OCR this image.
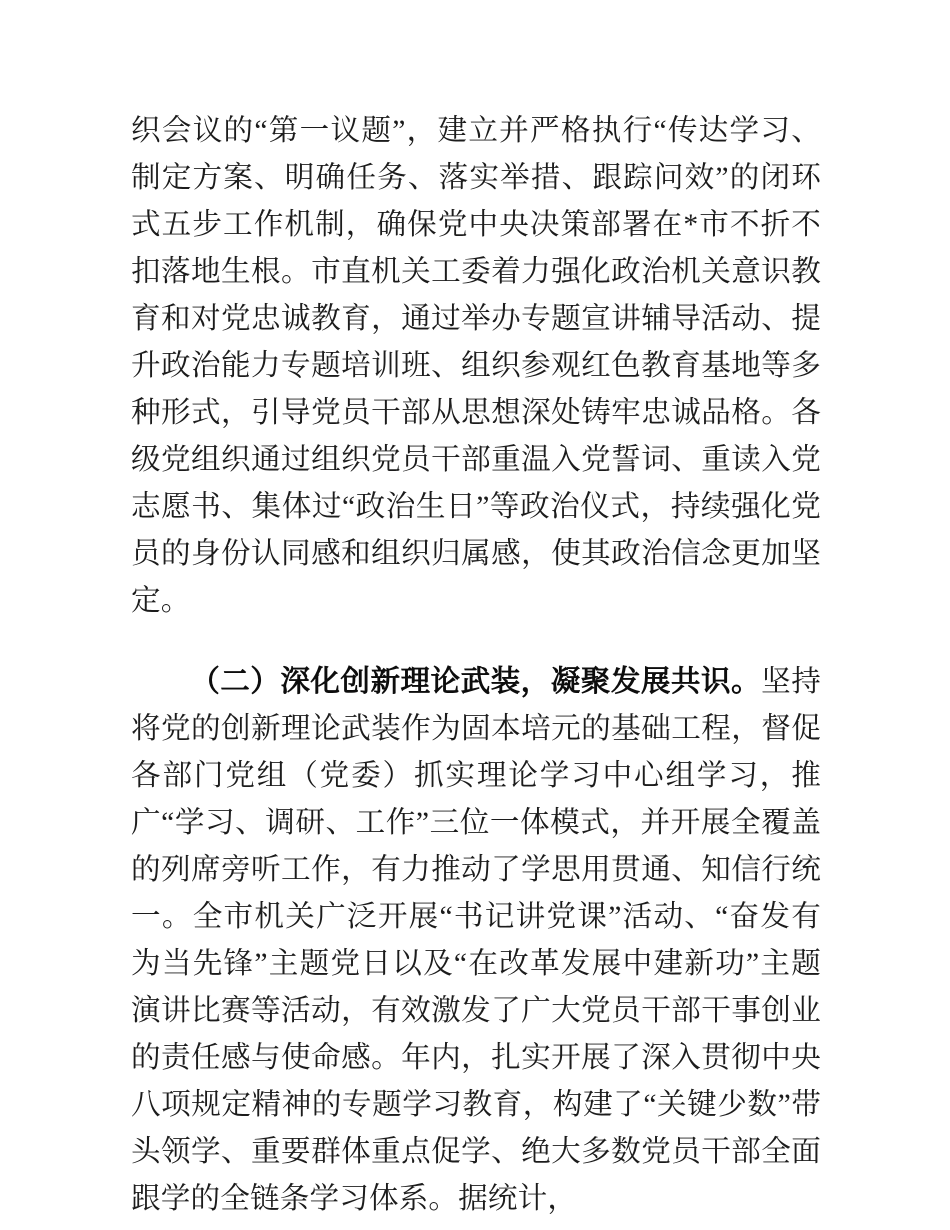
织会议的“第一议题”，建立并严格执行“传达学习、制定方案、明确任务、落实举措、跟踪问效”的闭环式五步工作机制，确保党中央决策部署在*市不折不扣落地生根。市直机关工委着力强化政治机关意识教育和对党忠诚教育，通过举办专题宣讲辅导活动、提升政治能力专题培训班、组织参观红色教育基地等多种形式，引导党员干部从思想深处铸牢忠诚品格。各级党组织通过组织党员干部重温入党誓词、重读入党志愿书、集体过“政治生日”等政治仪式，持续强化党员的身份认同感和组织归属感，使其政治信念更加坚定。

（二）深化创新理论武装，凝聚发展共识。坚持将党的创新理论武装作为固本培元的基础工程，督促各部门党组（党委）抓实理论学习中心组学习，推广“学习、调研、工作”三位一体模式，并开展全覆盖的列席旁听工作，有力推动了学思用贯通、知信行统一。全市机关广泛开展“书记讲党课”活动、“奋发有为当先锋”主题党日以及“在改革发展中建新功”主题演讲比赛等活动，有效激发了广大党员干部干事创业的责任感与使命感。年内，扎实开展了深入贯彻中央八项规定精神的专题学习教育，构建了“关键少数”带头领学、重要群体重点促学、绝大多数党员干部全面跟学的全链条学习体系。据统计，
